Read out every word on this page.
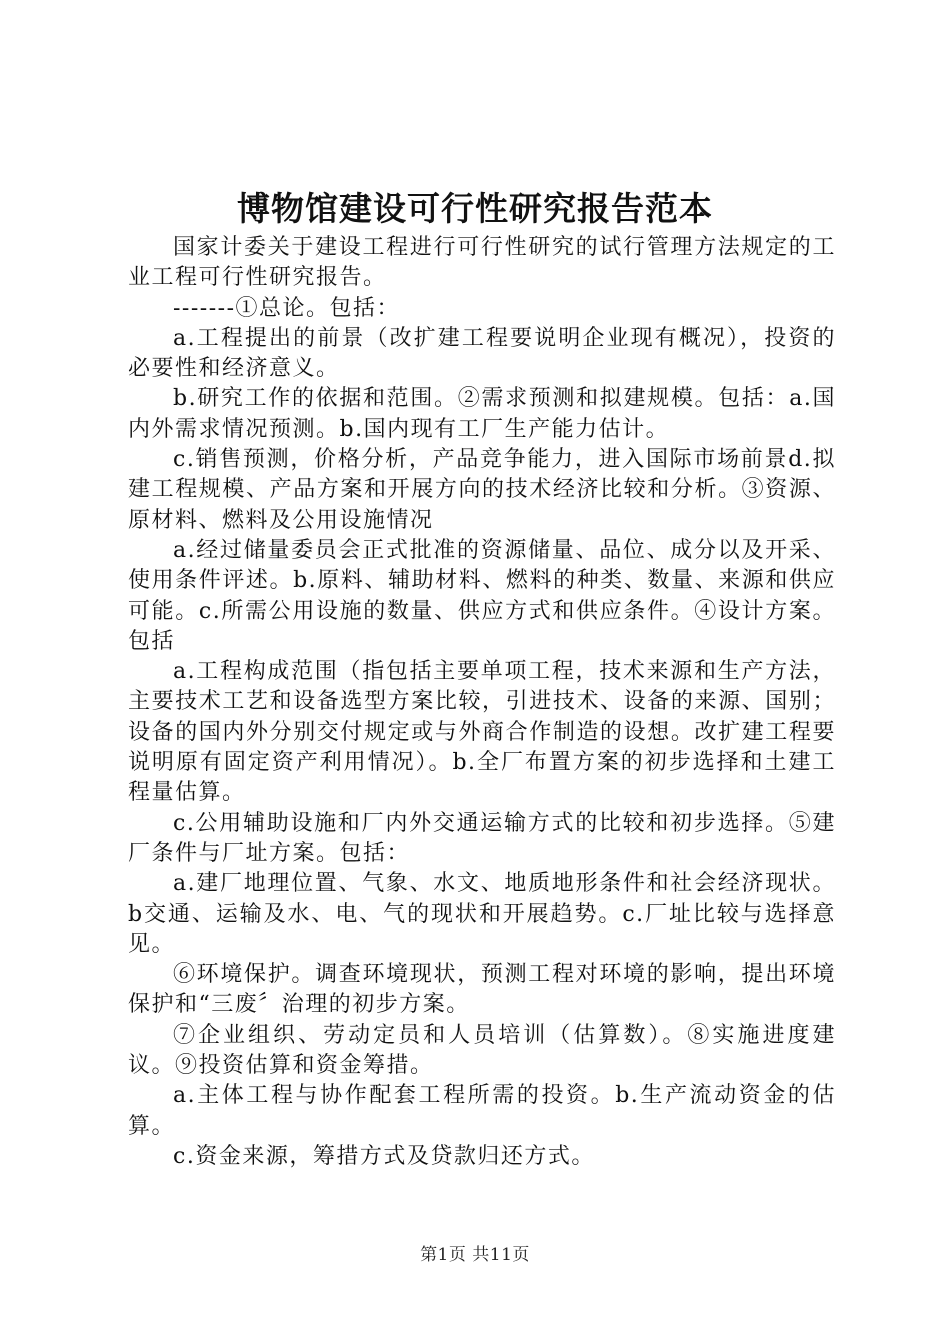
博物馆建设可行性研究报告范本

国家计委关于建设工程进行可行性研究的试行管理方法规定的工业工程可行性研究报告。

-------①总论。包括：

a.工程提出的前景（改扩建工程要说明企业现有概况），投资的必要性和经济意义。

b.研究工作的依据和范围。②需求预测和拟建规模。包括：a.国内外需求情况预测。b.国内现有工厂生产能力估计。

c.销售预测，价格分析，产品竞争能力，进入国际市场前景d.拟建工程规模、产品方案和开展方向的技术经济比较和分析。③资源、原材料、燃料及公用设施情况

a.经过储量委员会正式批准的资源储量、品位、成分以及开采、使用条件评述。b.原料、辅助材料、燃料的种类、数量、来源和供应可能。c.所需公用设施的数量、供应方式和供应条件。④设计方案。包括

a.工程构成范围（指包括主要单项工程，技术来源和生产方法，主要技术工艺和设备选型方案比较，引进技术、设备的来源、国别；设备的国内外分别交付规定或与外商合作制造的设想。改扩建工程要说明原有固定资产利用情况）。b.全厂布置方案的初步选择和土建工程量估算。

c.公用辅助设施和厂内外交通运输方式的比较和初步选择。⑤建厂条件与厂址方案。包括：

a.建厂地理位置、气象、水文、地质地形条件和社会经济现状。b交通、运输及水、电、气的现状和开展趋势。c.厂址比较与选择意见。

⑥环境保护。调查环境现状，预测工程对环境的影响，提出环境保护和“三废〞治理的初步方案。

⑦企业组织、劳动定员和人员培训（估算数）。⑧实施进度建议。⑨投资估算和资金筹措。

a.主体工程与协作配套工程所需的投资。b.生产流动资金的估算。

c.资金来源，筹措方式及贷款归还方式。

第1页 共11页
